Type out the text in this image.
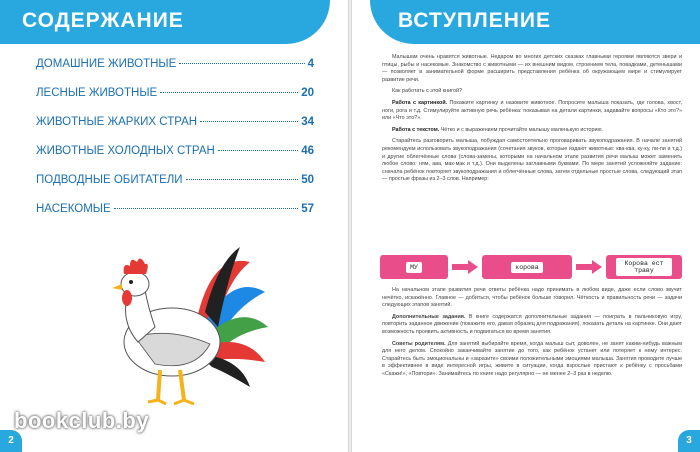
СОДЕРЖАНИЕ
ДОМАШНИЕ ЖИВОТНЫЕ	4
ЛЕСНЫЕ ЖИВОТНЫЕ	20
ЖИВОТНЫЕ ЖАРКИХ СТРАН	34
ЖИВОТНЫЕ ХОЛОДНЫХ СТРАН	46
ПОДВОДНЫЕ ОБИТАТЕЛИ	50
НАСЕКОМЫЕ	57
bookclub.by
2
ВСТУПЛЕНИЕ

Малышам очень нравятся животные. Недаром во многих детских сказках главными героями являются звери и птицы, рыбы и насекомые. Знакомство с животными — их внешним видом, строением тела, повадками, детенышами — позволяет в занимательной форме расширить представления ребёнка об окружающем мире и стимулирует развитие речи.

Как работать с этой книгой?

Работа с картинкой. Покажите картинку и назовите животное. Попросите малыша показать, где голова, хвост, ноги, рога и т.д. Стимулируйте активную речь ребёнка: показывая на детали картинки, задавайте вопросы «Кто это?» или «Что это?».

Работа с текстом. Чётко и с выражением прочитайте малышу маленькую историю.

Старайтесь разговорить малыша, побуждая самостоятельно проговаривать звукоподражания. В начале занятий рекомендуем использовать звукоподражания (сочетания звуков, которые издают животные: ква-ква, ку-ку, пи-пи и т.д.) и другие облегчённые слова (слова-замены, которыми на начальном этапе развития речи малыш может заменить любое слово: ням, ава, мак-мак и т.д.). Они выделены заглавными буквами. По мере занятий усложняйте задание: сначала ребёнок повторяет звукоподражания и облегчённые слова, затем отдельные простые слова, следующий этап — простые фразы из 2–3 слов. Например:

МУ	корова	Корова ест траву

На начальном этапе развития речи ответы ребёнка надо принимать в любом виде, даже если слово звучит нечётко, искажённо. Главное — добиться, чтобы ребёнок больше говорил. Чёткость и правильность речи — задачи следующих этапов занятий.

Дополнительные задания. В книге содержатся дополнительные задания — поиграть в пальчиковую игру, повторить заданное движение (покажите его, давая образец для подражания), показать деталь на картинке. Они дают возможность проявить активность и подвигаться во время занятия.

Советы родителям. Для занятий выбирайте время, когда малыш сыт, доволен, не занят каким-нибудь важным для него делом. Спокойно заканчивайте занятие до того, как ребёнок устанет или потеряет к нему интерес. Старайтесь быть эмоциональны и «заразите» своими положительными эмоциями малыша. Занятия проводите лучше в эффективнее в виде интересной игры, живите в ситуации, когда взрослые пристают к ребёнку с просьбами «Скажи!», «Повтори». Занимайтесь по книге надо регулярно — не менее 2–3 раз в неделю.

3
